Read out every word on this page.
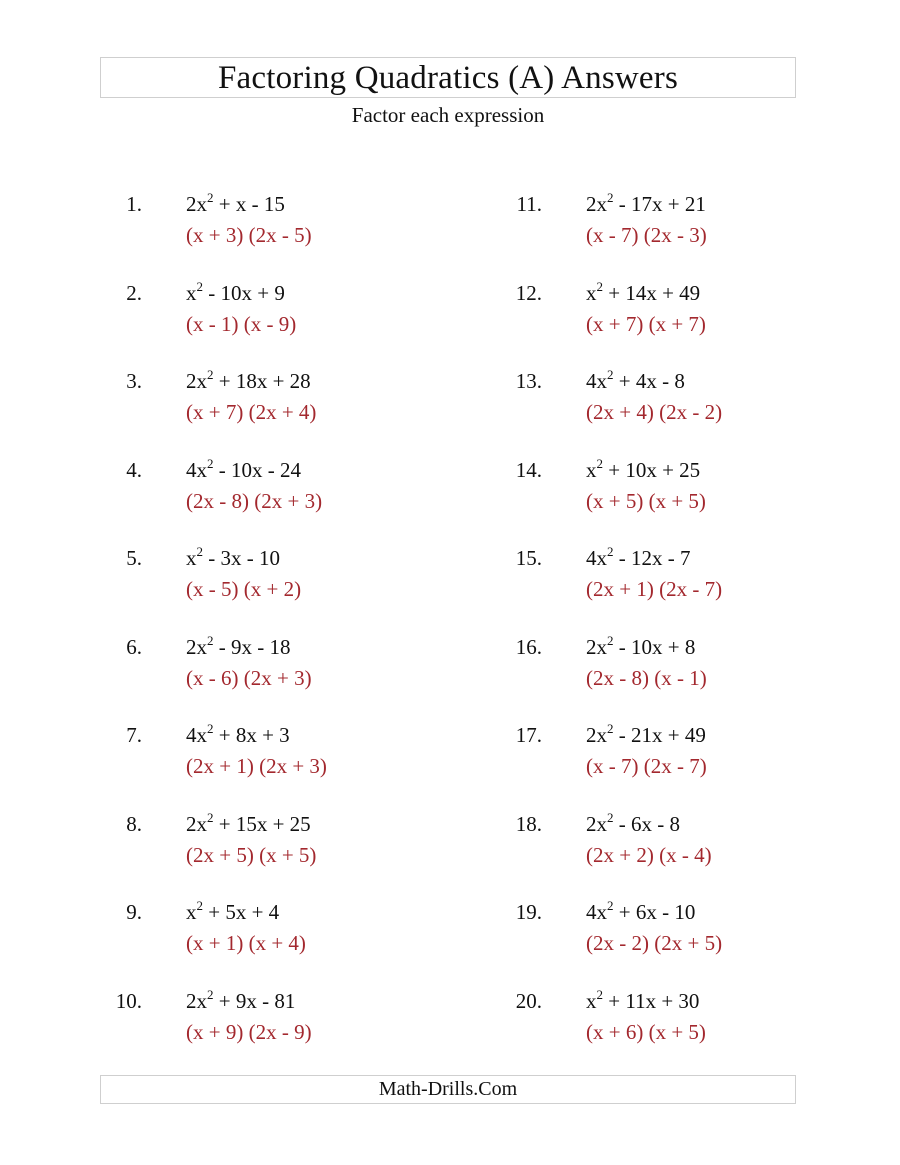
Factoring Quadratics (A) Answers
Factor each expression
1. $2x^2 + x - 15$
(x + 3) (2x - 5)
2. $x^2 - 10x + 9$
(x - 1) (x - 9)
3. $2x^2 + 18x + 28$
(x + 7) (2x + 4)
4. $4x^2 - 10x - 24$
(2x - 8) (2x + 3)
5. $x^2 - 3x - 10$
(x - 5) (x + 2)
6. $2x^2 - 9x - 18$
(x - 6) (2x + 3)
7. $4x^2 + 8x + 3$
(2x + 1) (2x + 3)
8. $2x^2 + 15x + 25$
(2x + 5) (x + 5)
9. $x^2 + 5x + 4$
(x + 1) (x + 4)
10. $2x^2 + 9x - 81$
(x + 9) (2x - 9)
11. $2x^2 - 17x + 21$
(x - 7) (2x - 3)
12. $x^2 + 14x + 49$
(x + 7) (x + 7)
13. $4x^2 + 4x - 8$
(2x + 4) (2x - 2)
14. $x^2 + 10x + 25$
(x + 5) (x + 5)
15. $4x^2 - 12x - 7$
(2x + 1) (2x - 7)
16. $2x^2 - 10x + 8$
(2x - 8) (x - 1)
17. $2x^2 - 21x + 49$
(x - 7) (2x - 7)
18. $2x^2 - 6x - 8$
(2x + 2) (x - 4)
19. $4x^2 + 6x - 10$
(2x - 2) (2x + 5)
20. $x^2 + 11x + 30$
(x + 6) (x + 5)
Math-Drills.Com
